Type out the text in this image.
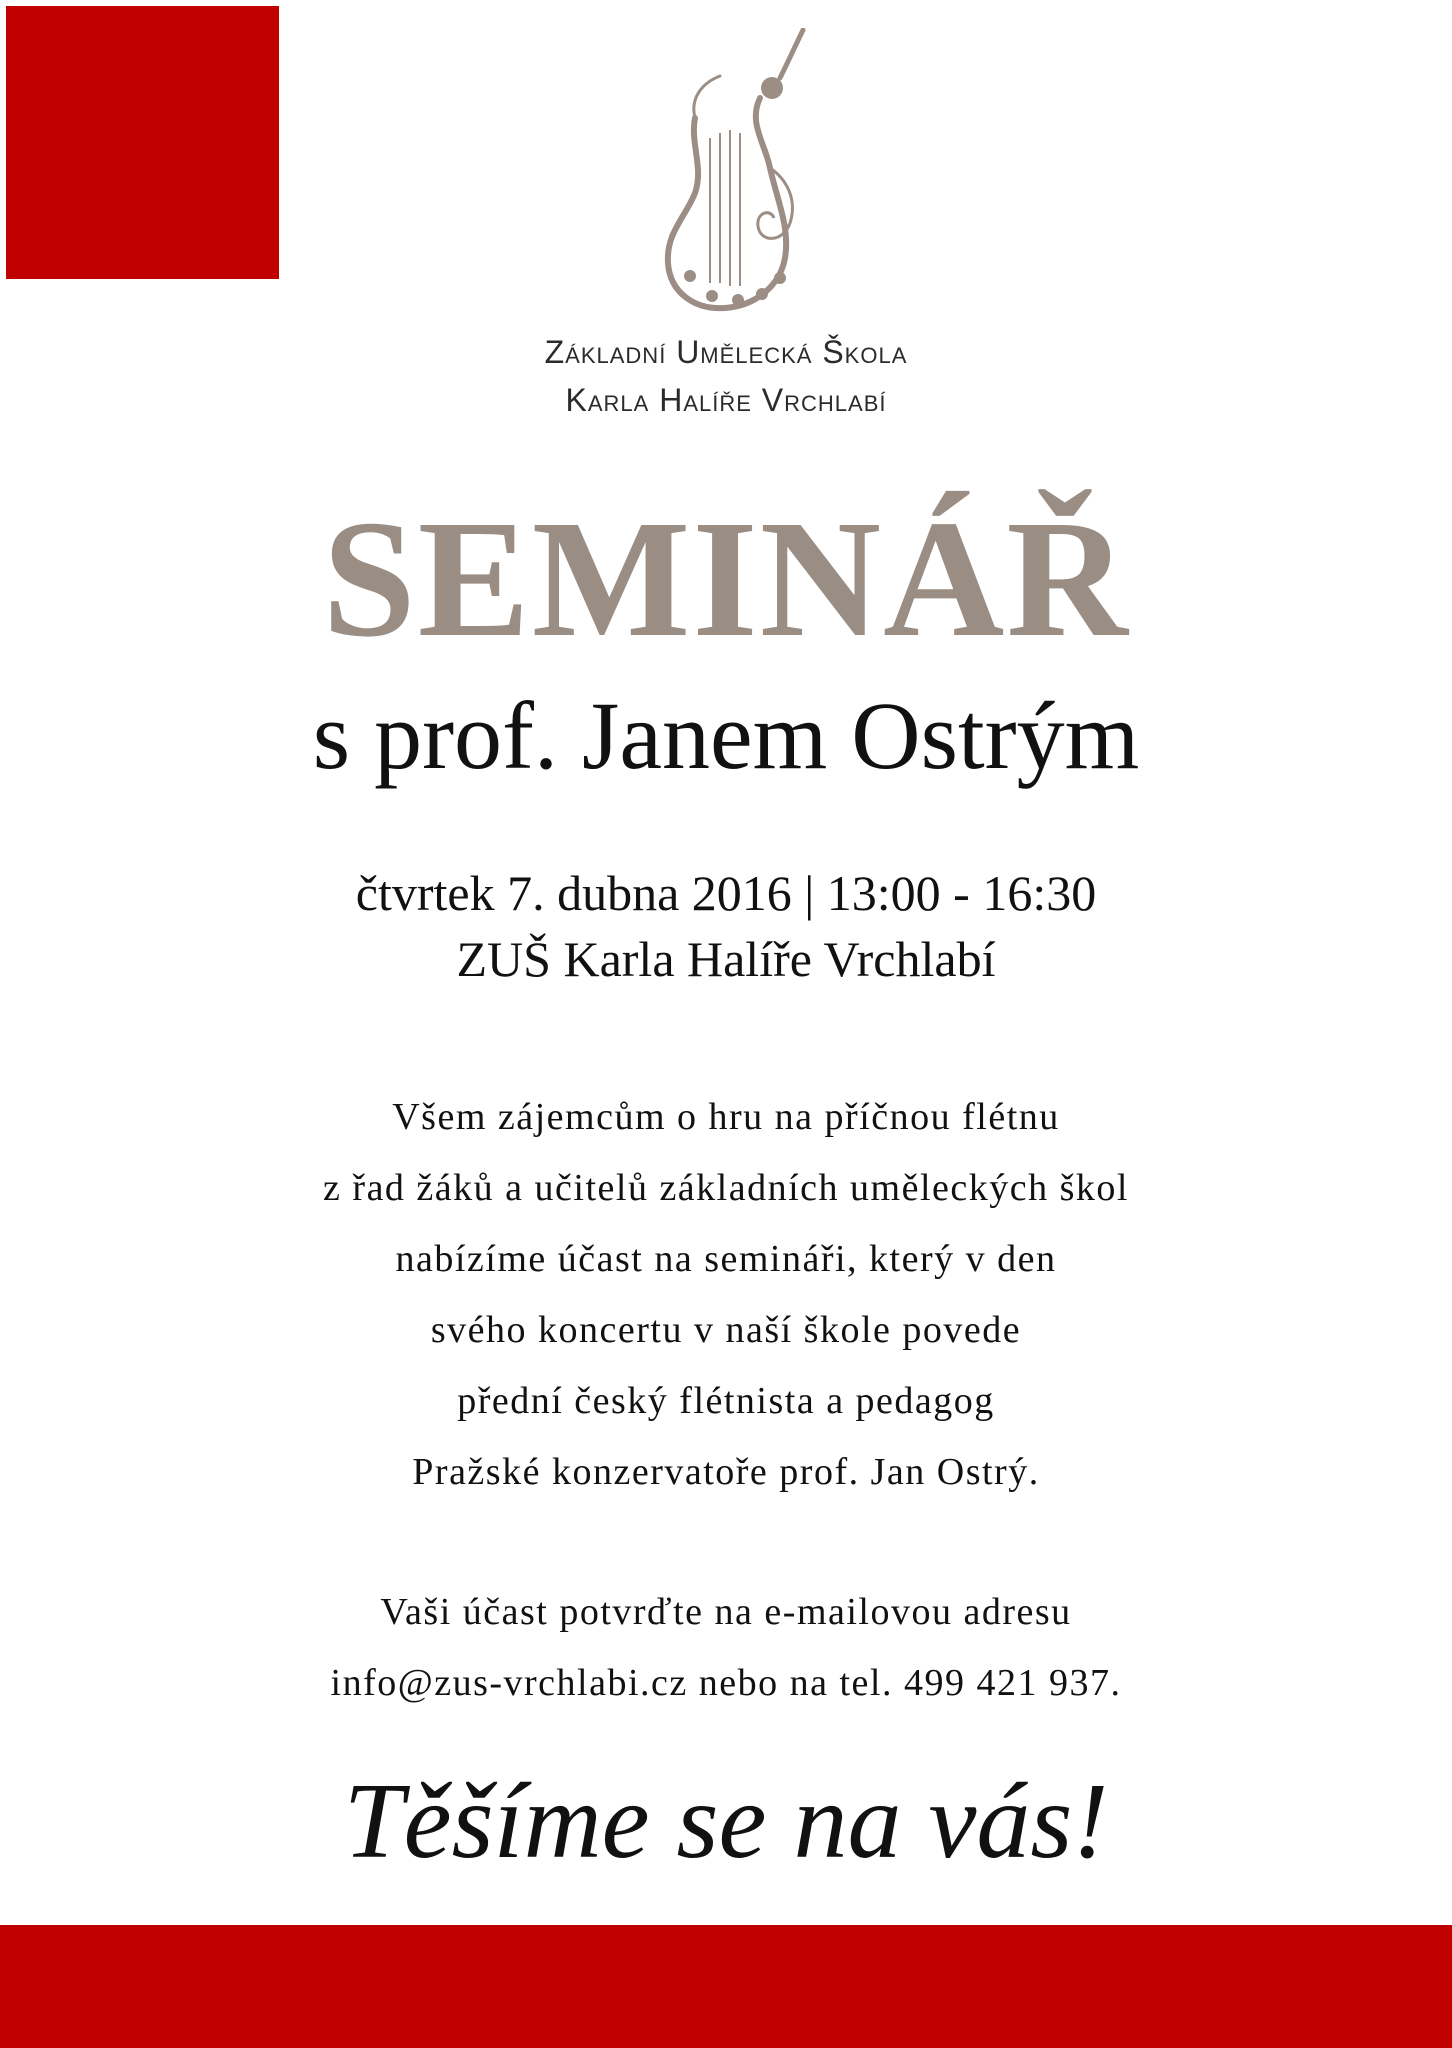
Základní Umělecká Škola
Karla Halíře Vrchlabí
SEMINÁŘ
s prof. Janem Ostrým
čtvrtek 7. dubna 2016 | 13:00 - 16:30
ZUŠ Karla Halíře Vrchlabí
Všem zájemcům o hru na příčnou flétnu
z řad žáků a učitelů základních uměleckých škol
nabízíme účast na semináři, který v den
svého koncertu v naší škole povede
přední český flétnista a pedagog
Pražské konzervatoře prof. Jan Ostrý.
Vaši účast potvrďte na e-mailovou adresu
info@zus-vrchlabi.cz nebo na tel. 499 421 937.
Těšíme se na vás!
